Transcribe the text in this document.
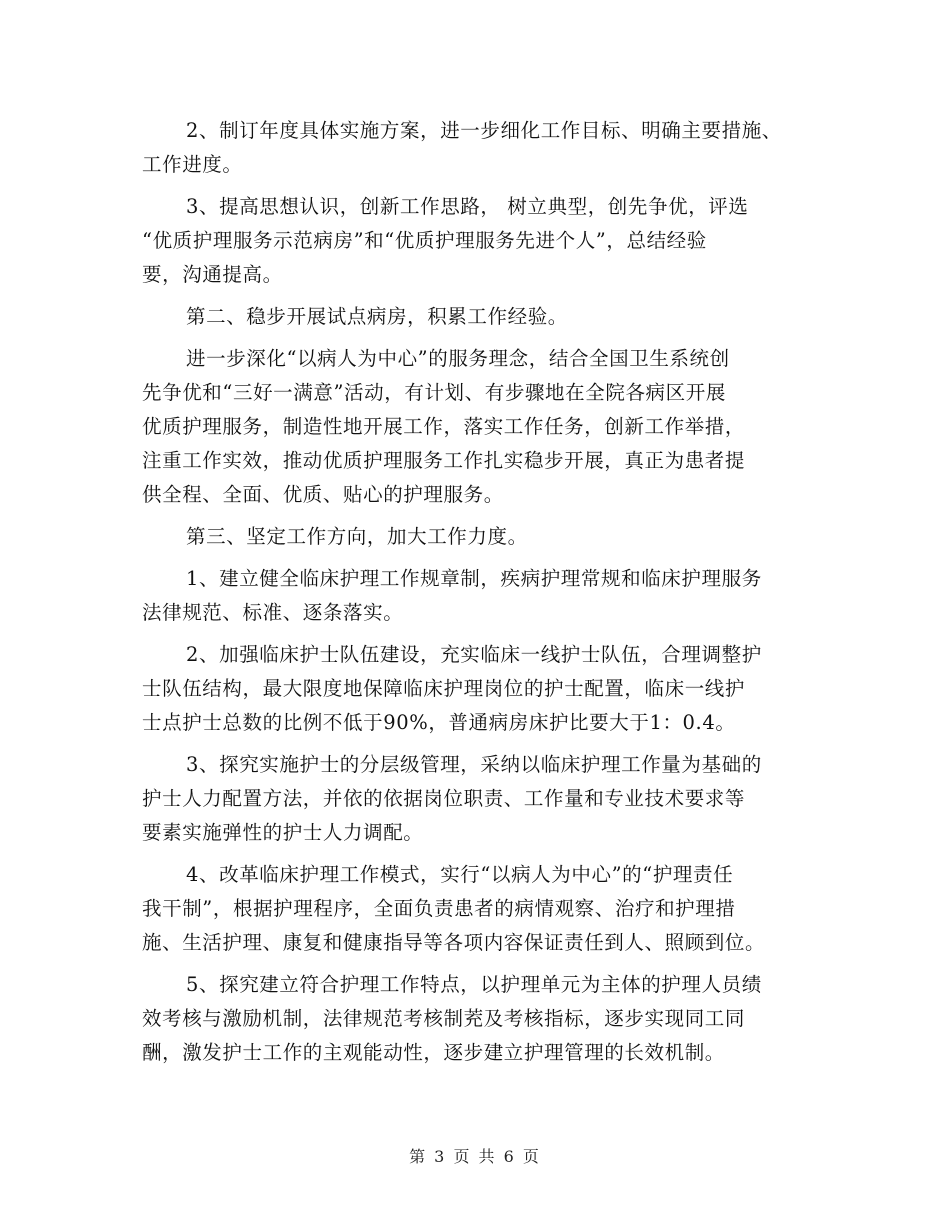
2、制订年度具体实施方案，进一步细化工作目标、明确主要措施、
工作进度。

3、提高思想认识，创新工作思路， 树立典型，创先争优，评选
“优质护理服务示范病房”和“优质护理服务先进个人”，总结经验
要，沟通提高。

第二、稳步开展试点病房，积累工作经验。

进一步深化“以病人为中心”的服务理念，结合全国卫生系统创
先争优和“三好一满意”活动，有计划、有步骤地在全院各病区开展
优质护理服务，制造性地开展工作，落实工作任务，创新工作举措，
注重工作实效，推动优质护理服务工作扎实稳步开展，真正为患者提
供全程、全面、优质、贴心的护理服务。

第三、坚定工作方向，加大工作力度。

1、建立健全临床护理工作规章制，疾病护理常规和临床护理服务
法律规范、标准、逐条落实。

2、加强临床护士队伍建设，充实临床一线护士队伍，合理调整护
士队伍结构，最大限度地保障临床护理岗位的护士配置，临床一线护
士点护士总数的比例不低于90%，普通病房床护比要大于1：0.4。

3、探究实施护士的分层级管理，采纳以临床护理工作量为基础的
护士人力配置方法，并依的依据岗位职责、工作量和专业技术要求等
要素实施弹性的护士人力调配。

4、改革临床护理工作模式，实行“以病人为中心”的“护理责任
我干制”，根据护理程序，全面负责患者的病情观察、治疗和护理措
施、生活护理、康复和健康指导等各项内容保证责任到人、照顾到位。

5、探究建立符合护理工作特点，以护理单元为主体的护理人员绩
效考核与激励机制，法律规范考核制茺及考核指标，逐步实现同工同
酬，激发护士工作的主观能动性，逐步建立护理管理的长效机制。

第 3 页 共 6 页
